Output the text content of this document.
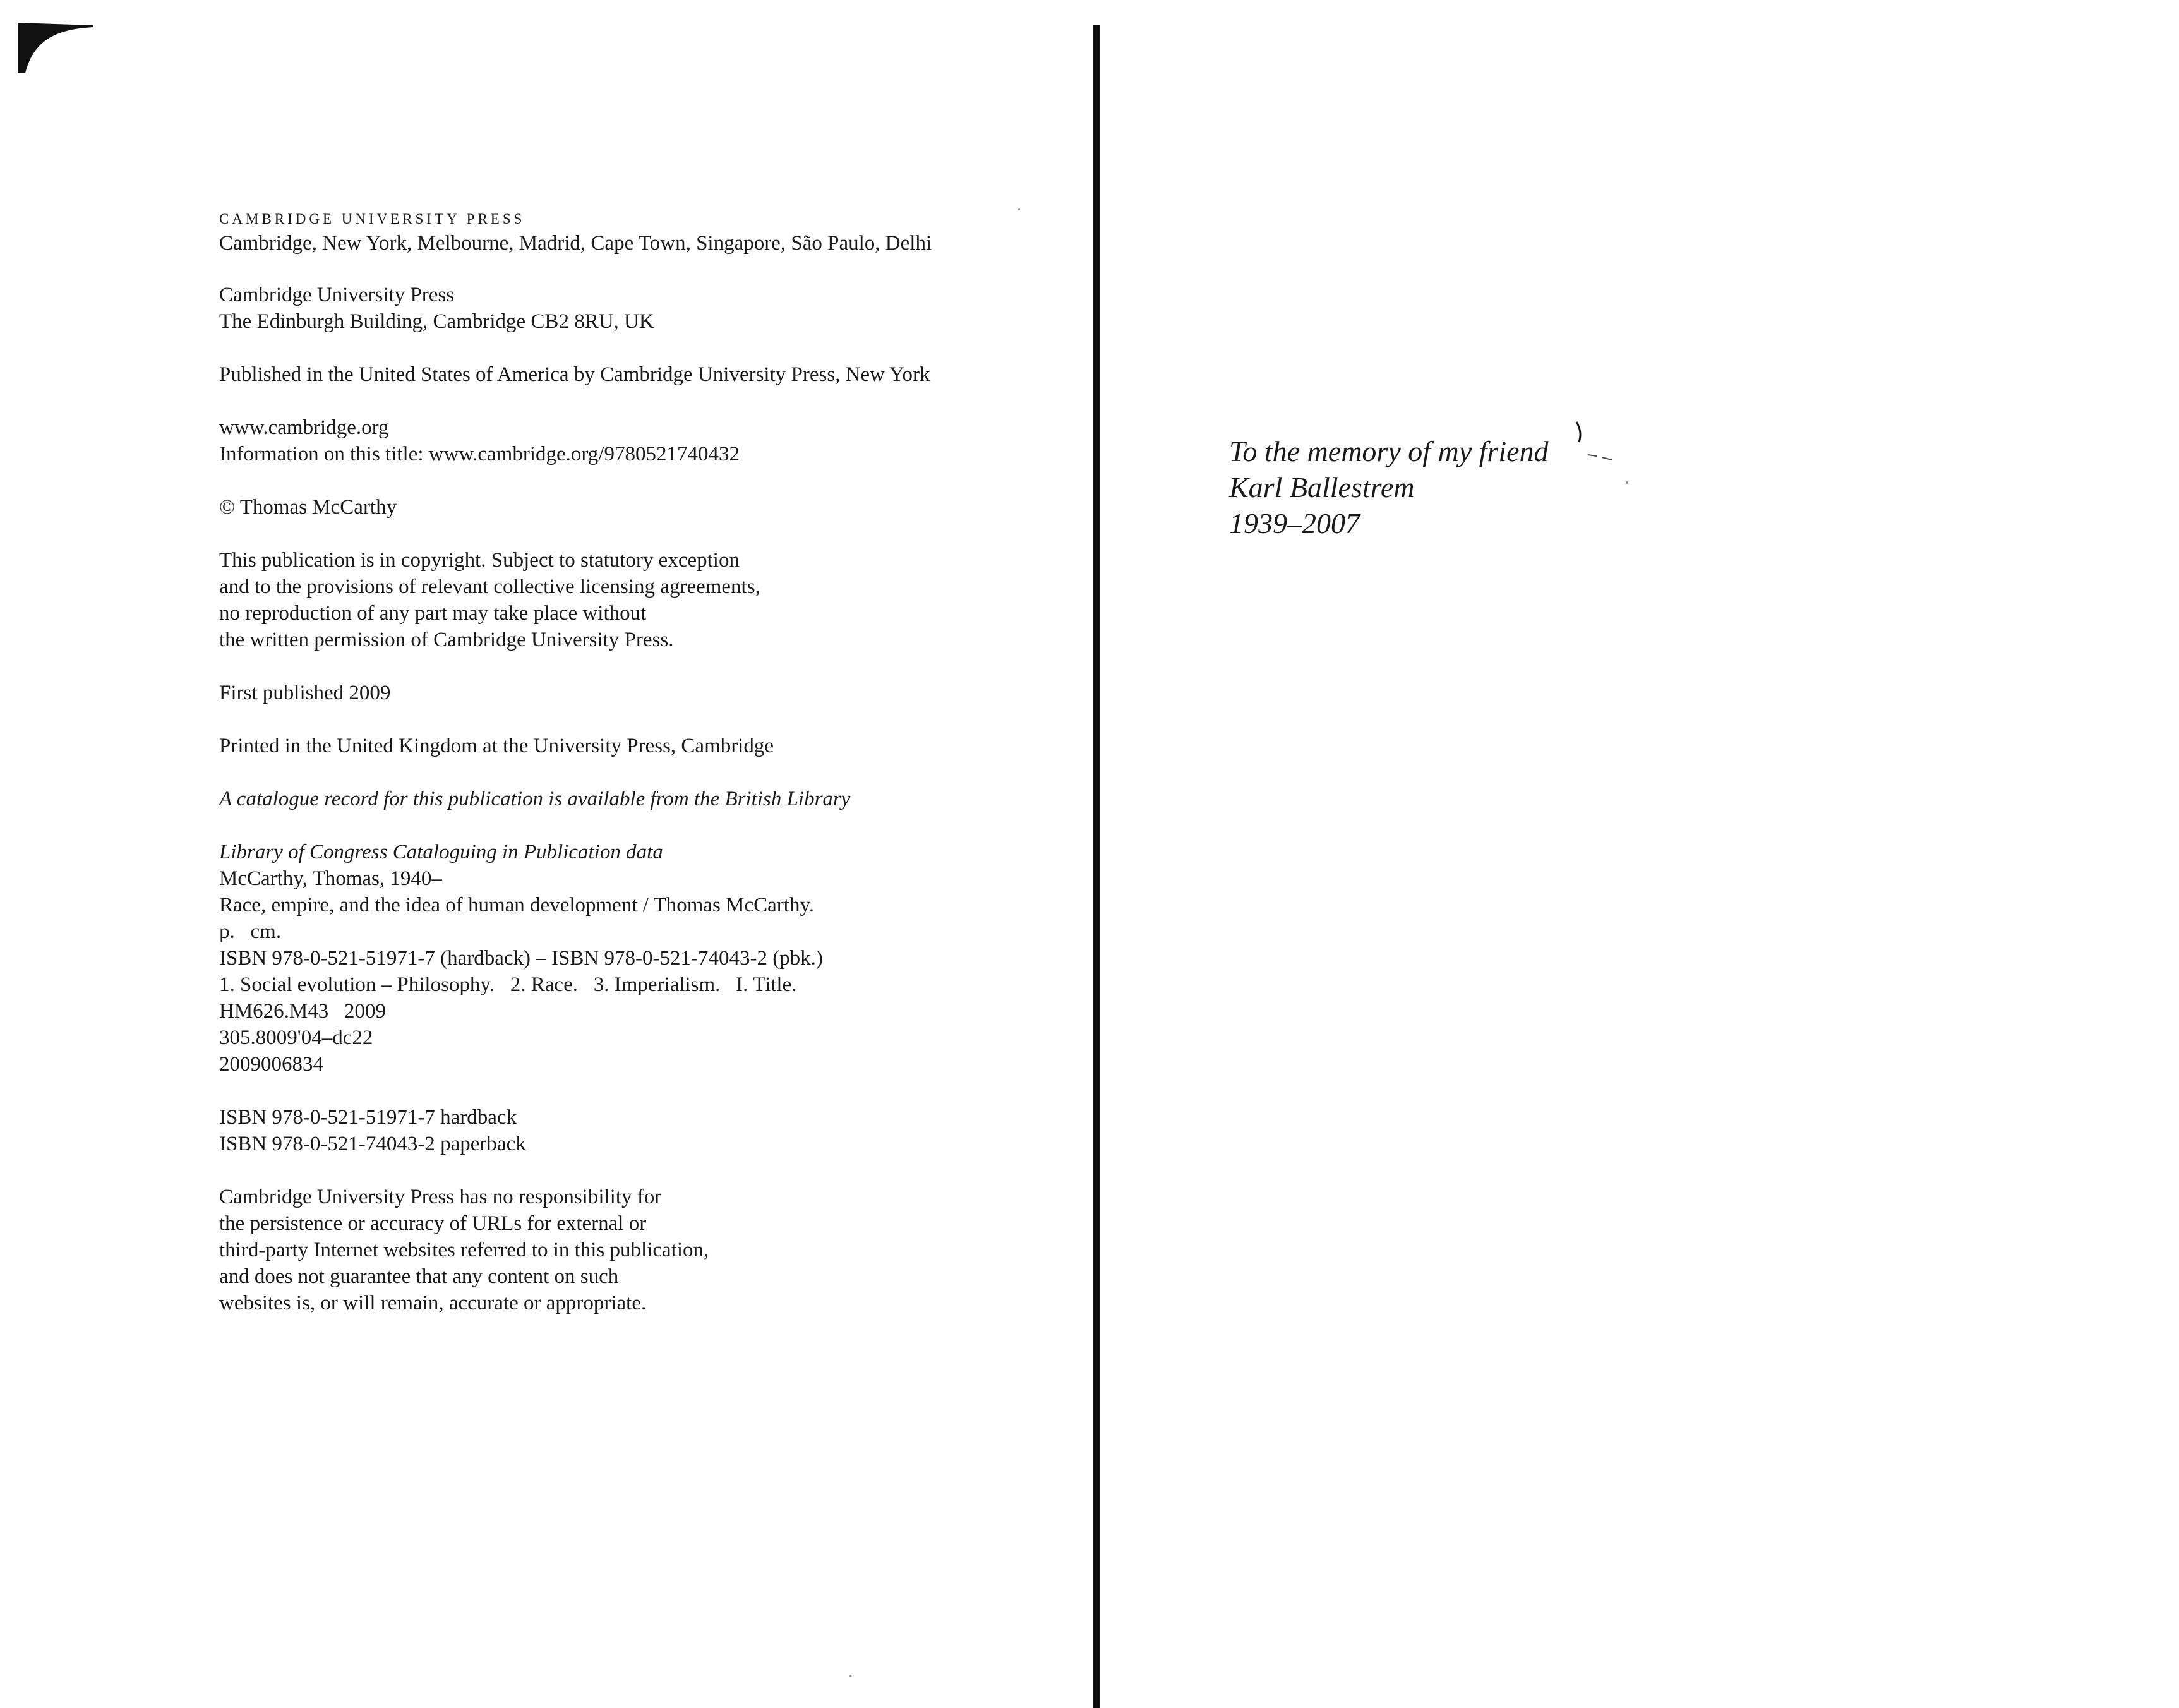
CAMBRIDGE UNIVERSITY PRESS
Cambridge, New York, Melbourne, Madrid, Cape Town, Singapore, São Paulo, Delhi
Cambridge University Press
The Edinburgh Building, Cambridge CB2 8RU, UK
Published in the United States of America by Cambridge University Press, New York
www.cambridge.org
Information on this title: www.cambridge.org/9780521740432
© Thomas McCarthy
This publication is in copyright. Subject to statutory exception
and to the provisions of relevant collective licensing agreements,
no reproduction of any part may take place without
the written permission of Cambridge University Press.
First published 2009
Printed in the United Kingdom at the University Press, Cambridge
A catalogue record for this publication is available from the British Library
Library of Congress Cataloguing in Publication data
McCarthy, Thomas, 1940–
Race, empire, and the idea of human development / Thomas McCarthy.
p.   cm.
ISBN 978-0-521-51971-7 (hardback) – ISBN 978-0-521-74043-2 (pbk.)
1. Social evolution – Philosophy.   2. Race.   3. Imperialism.   I. Title.
HM626.M43   2009
305.8009'04–dc22
2009006834
ISBN 978-0-521-51971-7 hardback
ISBN 978-0-521-74043-2 paperback
Cambridge University Press has no responsibility for
the persistence or accuracy of URLs for external or
third-party Internet websites referred to in this publication,
and does not guarantee that any content on such
websites is, or will remain, accurate or appropriate.
To the memory of my friend
Karl Ballestrem
1939–2007
